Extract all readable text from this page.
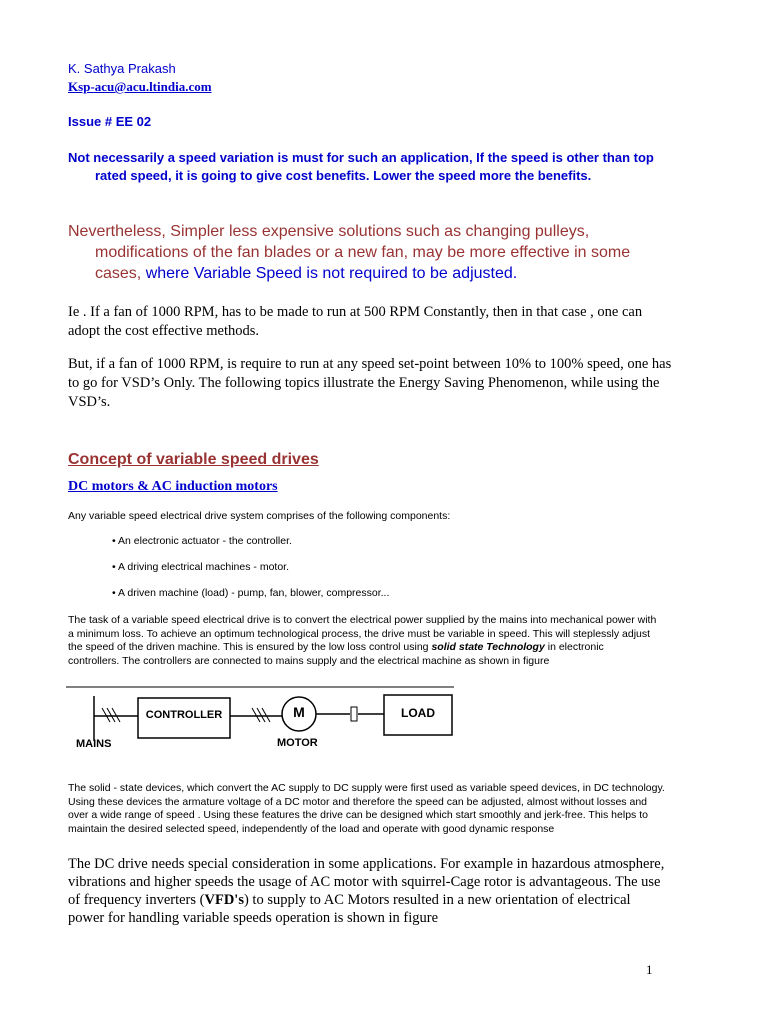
K. Sathya Prakash
Ksp-acu@acu.ltindia.com
Issue # EE 02
Not necessarily a speed variation is must for such an application, If the speed is other than top rated speed, it is going to give cost benefits. Lower the speed more the benefits.
Nevertheless, Simpler less expensive solutions such as changing pulleys, modifications of the fan blades or a new fan, may be more effective in some cases, where Variable Speed is not required to be adjusted.
Ie . If a fan of 1000 RPM, has to be made to run at 500 RPM Constantly, then in that case , one can adopt the cost effective methods.
But, if a fan of 1000 RPM, is require to run at any speed set-point between 10% to 100% speed, one has to go for VSD’s Only. The following topics illustrate the Energy Saving Phenomenon, while using the VSD’s.
Concept of variable speed drives
DC motors & AC induction motors
Any variable speed electrical drive system comprises of the following components:
• An electronic actuator - the controller.
• A driving electrical machines - motor.
• A driven machine (load) - pump, fan, blower, compressor...
The task of a variable speed electrical drive is to convert the electrical power supplied by the mains into mechanical power with a minimum loss. To achieve an optimum technological process, the drive must be variable in speed. This will steplessly adjust the speed of the driven machine. This is ensured by the low loss control using solid state Technology in electronic controllers. The controllers are connected to mains supply and the electrical machine as shown in figure
CONTROLLER	M	LOAD
MAINS	MOTOR
The solid - state devices, which convert the AC supply to DC supply were first used as variable speed devices, in DC technology. Using these devices the armature voltage of a DC motor and therefore the speed can be adjusted, almost without losses and over a wide range of speed . Using these features the drive can be designed which start smoothly and jerk-free. This helps to maintain the desired selected speed, independently of the load and operate with good dynamic response
The DC drive needs special consideration in some applications. For example in hazardous atmosphere, vibrations and higher speeds the usage of AC motor with squirrel-Cage rotor is advantageous. The use of frequency inverters (VFD's) to supply to AC Motors resulted in a new orientation of electrical power for handling variable speeds operation is shown in figure
1
